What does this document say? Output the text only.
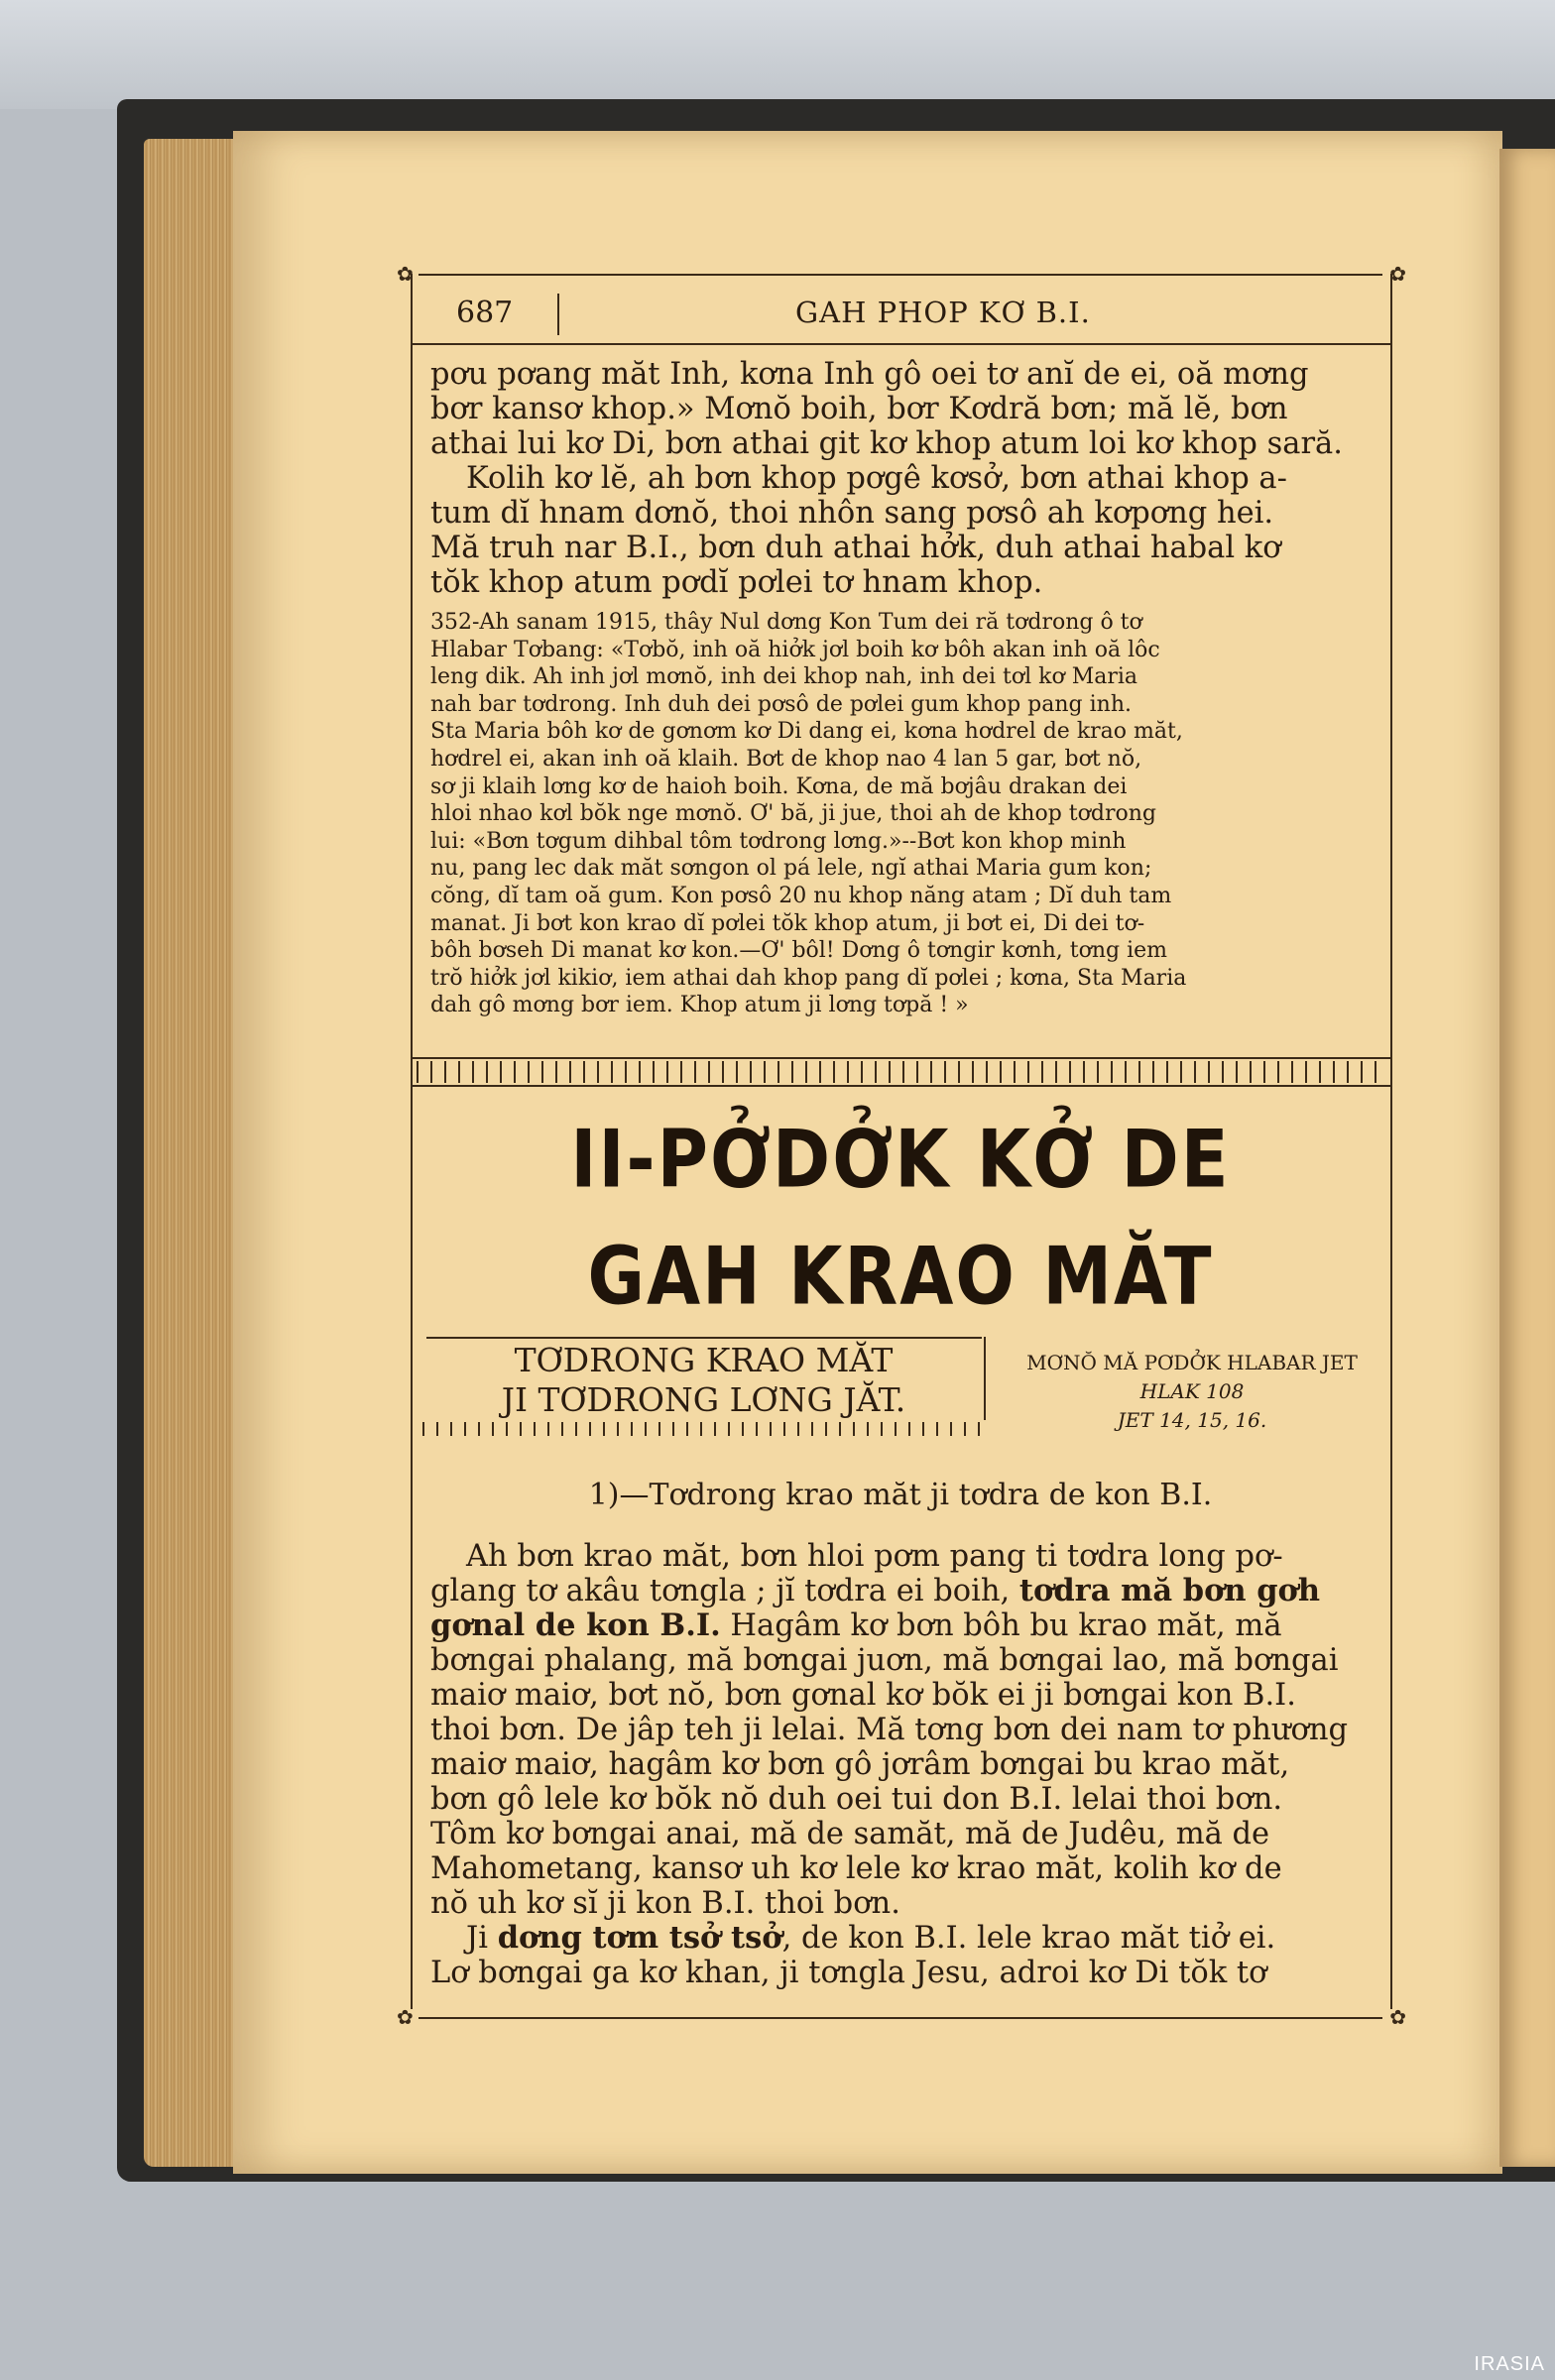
✿	✿
687	GAH PHOP KƠ B.I.
pơu pơang măt Inh, kơna Inh gô oei tơ anĭ de ei, oă mơng
bơr kansơ khop.» Mơnŏ boih, bơr Kơdră bơn; mă lĕ, bơn
athai lui kơ Di, bơn athai git kơ khop atum loi kơ khop sară.
Kolih kơ lĕ, ah bơn khop pơgê kơsở, bơn athai khop a-
tum dĭ hnam dơnŏ, thoi nhôn sang pơsô ah kơpơng hei.
Mă truh nar B.I., bơn duh athai hởk, duh athai habal kơ
tŏk khop atum pơdĭ pơlei tơ hnam khop.
352-Ah sanam 1915, thây Nul dơng Kon Tum dei ră tơdrong ô tơ
Hlabar Tơbang: «Tơbŏ, inh oă hiởk jơl boih kơ bôh akan inh oă lôc
leng dik. Ah inh jơl mơnŏ, inh dei khop nah, inh dei tơl kơ Maria
nah bar tơdrong. Inh duh dei pơsô de pơlei gum khop pang inh.
Sta Maria bôh kơ de gơnơm kơ Di dang ei, kơna hơdrel de krao măt,
hơdrel ei, akan inh oă klaih. Bơt de khop nao 4 lan 5 gar, bơt nŏ,
sơ ji klaih lơng kơ de haioh boih. Kơna, de mă bơjâu drakan dei
hloi nhao kơl bŏk nge mơnŏ. Ơ' bă, ji jue, thoi ah de khop tơdrong
lui: «Bơn tơgum dihbal tôm tơdrong lơng.»--Bơt kon khop minh
nu, pang lec dak măt sơngon ol pá lele, ngĭ athai Maria gum kon;
cŏng, dĭ tam oă gum. Kon pơsô 20 nu khop năng atam ; Dĭ duh tam
manat. Ji bơt kon krao dĭ pơlei tŏk khop atum, ji bơt ei, Di dei tơ-
bôh bơseh Di manat kơ kon.—Ơ' bôl! Dơng ô tơngir kơnh, tơng iem
trŏ hiởk jơl kikiơ, iem athai dah khop pang dĭ pơlei ; kơna, Sta Maria
dah gô mơng bơr iem. Khop atum ji lơng tơpă ! »
II-PỞDỞK KỞ DE
GAH KRAO MĂT
TƠDRONG KRAO MĂT
JI TƠDRONG LƠNG JĂT.
MƠNŎ MĂ PƠDỞK HLABAR JET
HLAK 108
JET 14, 15, 16.
1)—Tơdrong krao măt ji tơdra de kon B.I.
Ah bơn krao măt, bơn hloi pơm pang ti tơdra long pơ-
glang tơ akâu tơngla ; jĭ tơdra ei boih, tơdra mă bơn gơh
gơnal de kon B.I. Hagâm kơ bơn bôh bu krao măt, mă
bơngai phalang, mă bơngai juơn, mă bơngai lao, mă bơngai
maiơ maiơ, bơt nŏ, bơn gơnal kơ bŏk ei ji bơngai kon B.I.
thoi bơn. De jâp teh ji lelai. Mă tơng bơn dei nam tơ phương
maiơ maiơ, hagâm kơ bơn gô jơrâm bơngai bu krao măt,
bơn gô lele kơ bŏk nŏ duh oei tui don B.I. lelai thoi bơn.
Tôm kơ bơngai anai, mă de samăt, mă de Judêu, mă de
Mahometang, kansơ uh kơ lele kơ krao măt, kolih kơ de
nŏ uh kơ sĭ ji kon B.I. thoi bơn.
Ji dơng tơm tsở tsở, de kon B.I. lele krao măt tiở ei.
Lơ bơngai ga kơ khan, ji tơngla Jesu, adroi kơ Di tŏk tơ
✿	✿
IRASIA
